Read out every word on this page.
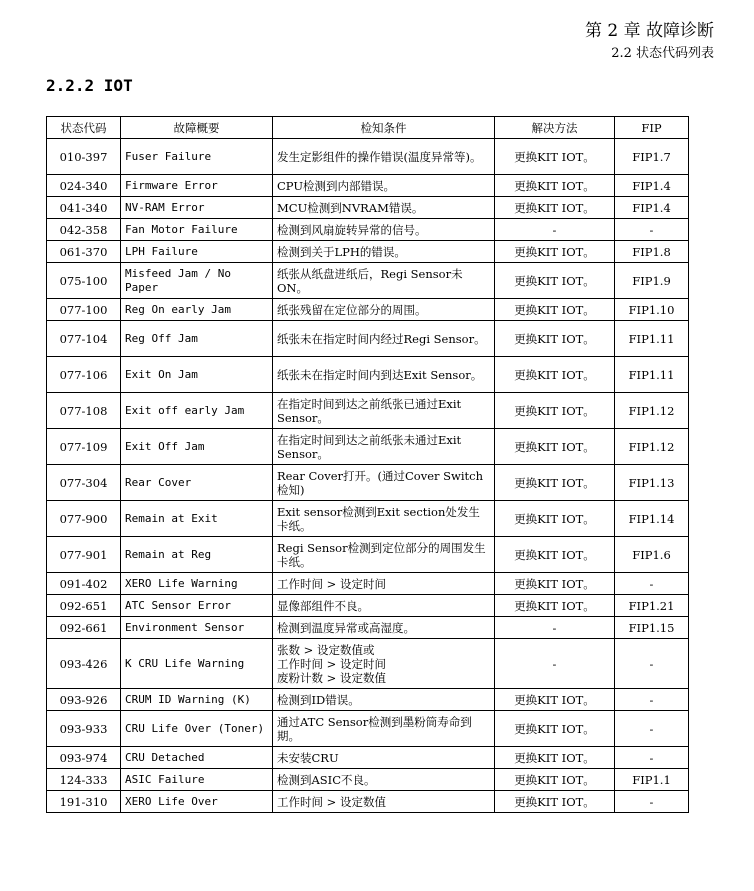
第 2 章 故障诊断
2.2 状态代码列表
2.2.2 IOT
状态代码	故障概要	检知条件	解决方法	FIP
010-397	Fuser Failure	发生定影组件的操作错误(温度异常等)。	更换KIT IOT。	FIP1.7
024-340	Firmware Error	CPU检测到内部错误。	更换KIT IOT。	FIP1.4
041-340	NV-RAM Error	MCU检测到NVRAM错误。	更换KIT IOT。	FIP1.4
042-358	Fan Motor Failure	检测到风扇旋转异常的信号。	-	-
061-370	LPH Failure	检测到关于LPH的错误。	更换KIT IOT。	FIP1.8
075-100	Misfeed Jam / No Paper	纸张从纸盘进纸后，Regi Sensor未ON。	更换KIT IOT。	FIP1.9
077-100	Reg On early Jam	纸张残留在定位部分的周围。	更换KIT IOT。	FIP1.10
077-104	Reg Off Jam	纸张未在指定时间内经过Regi Sensor。	更换KIT IOT。	FIP1.11
077-106	Exit On Jam	纸张未在指定时间内到达Exit Sensor。	更换KIT IOT。	FIP1.11
077-108	Exit off early Jam	在指定时间到达之前纸张已通过Exit Sensor。	更换KIT IOT。	FIP1.12
077-109	Exit Off Jam	在指定时间到达之前纸张未通过Exit Sensor。	更换KIT IOT。	FIP1.12
077-304	Rear Cover	Rear Cover打开。(通过Cover Switch检知)	更换KIT IOT。	FIP1.13
077-900	Remain at Exit	Exit sensor检测到Exit section处发生卡纸。	更换KIT IOT。	FIP1.14
077-901	Remain at Reg	Regi Sensor检测到定位部分的周围发生卡纸。	更换KIT IOT。	FIP1.6
091-402	XERO Life Warning	工作时间 > 设定时间	更换KIT IOT。	-
092-651	ATC Sensor Error	显像部组件不良。	更换KIT IOT。	FIP1.21
092-661	Environment Sensor	检测到温度异常或高湿度。	-	FIP1.15
093-426	K CRU Life Warning	张数 > 设定数值或
工作时间 > 设定时间
废粉计数 > 设定数值	-	-
093-926	CRUM ID Warning (K)	检测到ID错误。	更换KIT IOT。	-
093-933	CRU Life Over (Toner)	通过ATC Sensor检测到墨粉筒寿命到期。	更换KIT IOT。	-
093-974	CRU Detached	未安装CRU	更换KIT IOT。	-
124-333	ASIC Failure	检测到ASIC不良。	更换KIT IOT。	FIP1.1
191-310	XERO Life Over	工作时间 > 设定数值	更换KIT IOT。	-
